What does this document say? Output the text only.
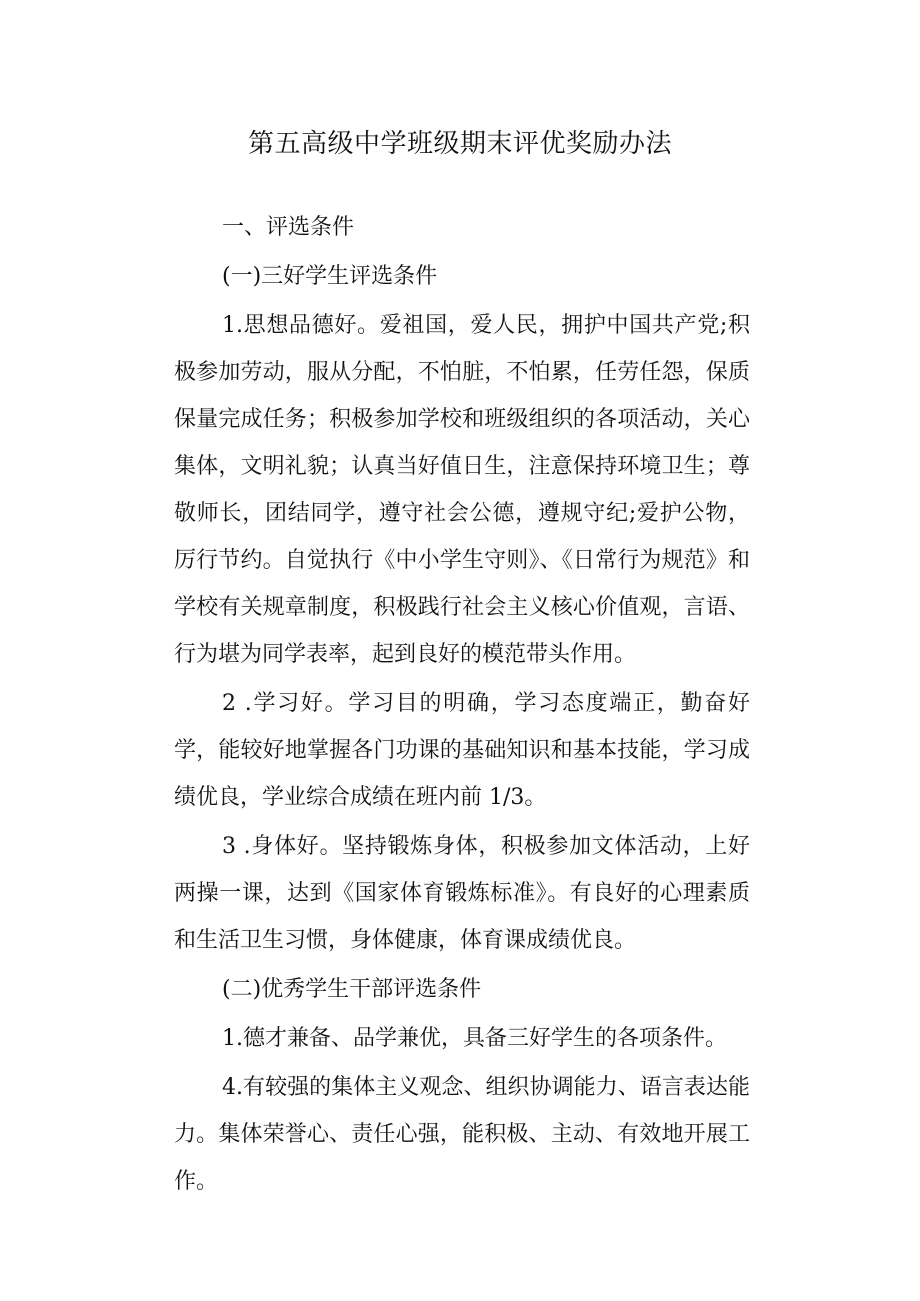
第五高级中学班级期末评优奖励办法

一、评选条件

(一)三好学生评选条件

1.思想品德好。爱祖国，爱人民，拥护中国共产党;积极参加劳动，服从分配，不怕脏，不怕累，任劳任怨，保质保量完成任务；积极参加学校和班级组织的各项活动，关心集体，文明礼貌；认真当好值日生，注意保持环境卫生；尊敬师长，团结同学，遵守社会公德，遵规守纪;爱护公物，厉行节约。自觉执行《中小学生守则》、《日常行为规范》和学校有关规章制度，积极践行社会主义核心价值观，言语、行为堪为同学表率，起到良好的模范带头作用。

2 .学习好。学习目的明确，学习态度端正，勤奋好学，能较好地掌握各门功课的基础知识和基本技能，学习成绩优良，学业综合成绩在班内前 1/3。

3 .身体好。坚持锻炼身体，积极参加文体活动，上好两操一课，达到《国家体育锻炼标准》。有良好的心理素质和生活卫生习惯，身体健康，体育课成绩优良。

(二)优秀学生干部评选条件

1.德才兼备、品学兼优，具备三好学生的各项条件。

4.有较强的集体主义观念、组织协调能力、语言表达能力。集体荣誉心、责任心强，能积极、主动、有效地开展工作。
